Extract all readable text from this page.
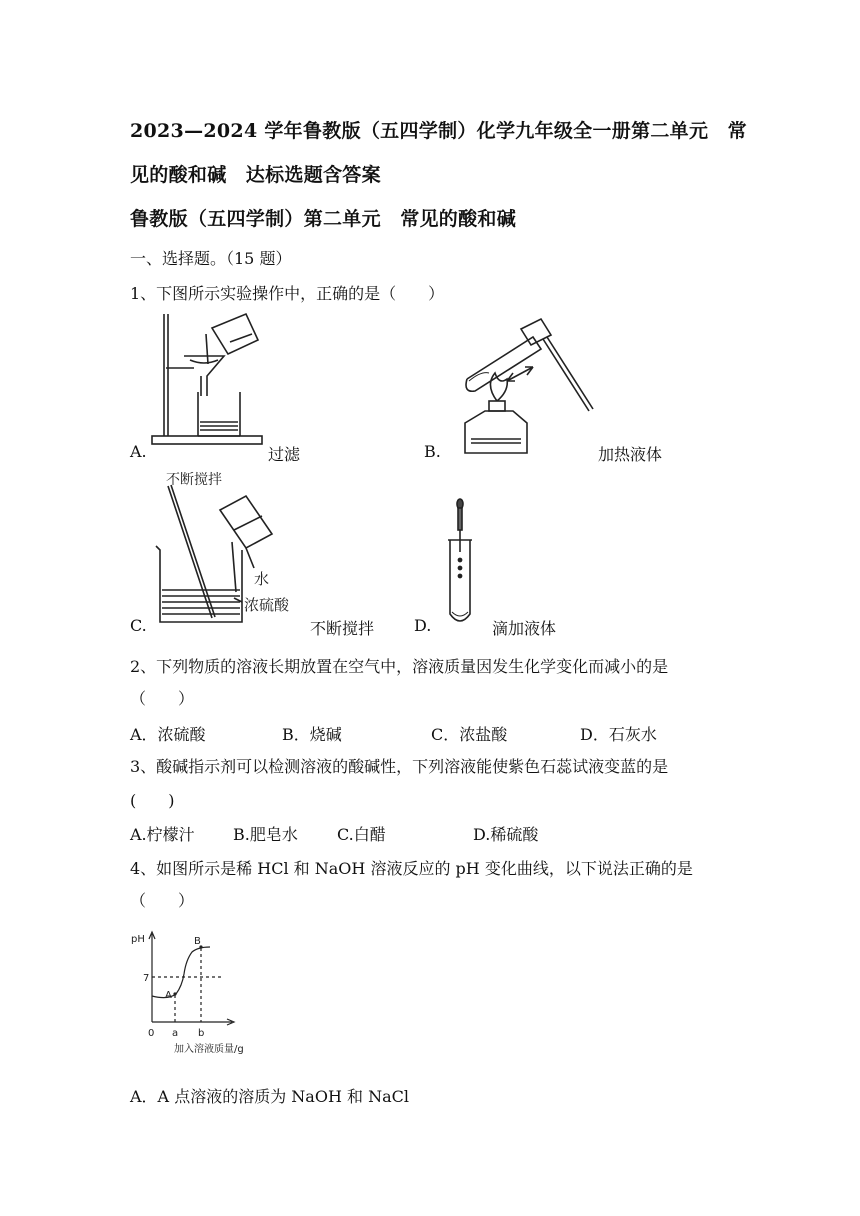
2023—2024 学年鲁教版（五四学制）化学九年级全一册第二单元　常
见的酸和碱　达标选题含答案
鲁教版（五四学制）第二单元　常见的酸和碱
一、选择题。（15 题）
1、下图所示实验操作中，正确的是（　　）
A.	过滤	B.	加热液体
不断搅拌
水
浓硫酸
C.	不断搅拌 D.	滴加液体
2、下列物质的溶液长期放置在空气中，溶液质量因发生化学变化而减小的是
（　　）
A．浓硫酸	B．烧碱	C．浓盐酸	D．石灰水
3、酸碱指示剂可以检测溶液的酸碱性，下列溶液能使紫色石蕊试液变蓝的是
(　　)
A.柠檬汁 B.肥皂水 C.白醋	D.稀硫酸
4、如图所示是稀 HCl 和 NaOH 溶液反应的 pH 变化曲线，以下说法正确的是
（　　）
pH
7
0 a b
A
B
加入溶液质量/g
A．A 点溶液的溶质为 NaOH 和 NaCl
